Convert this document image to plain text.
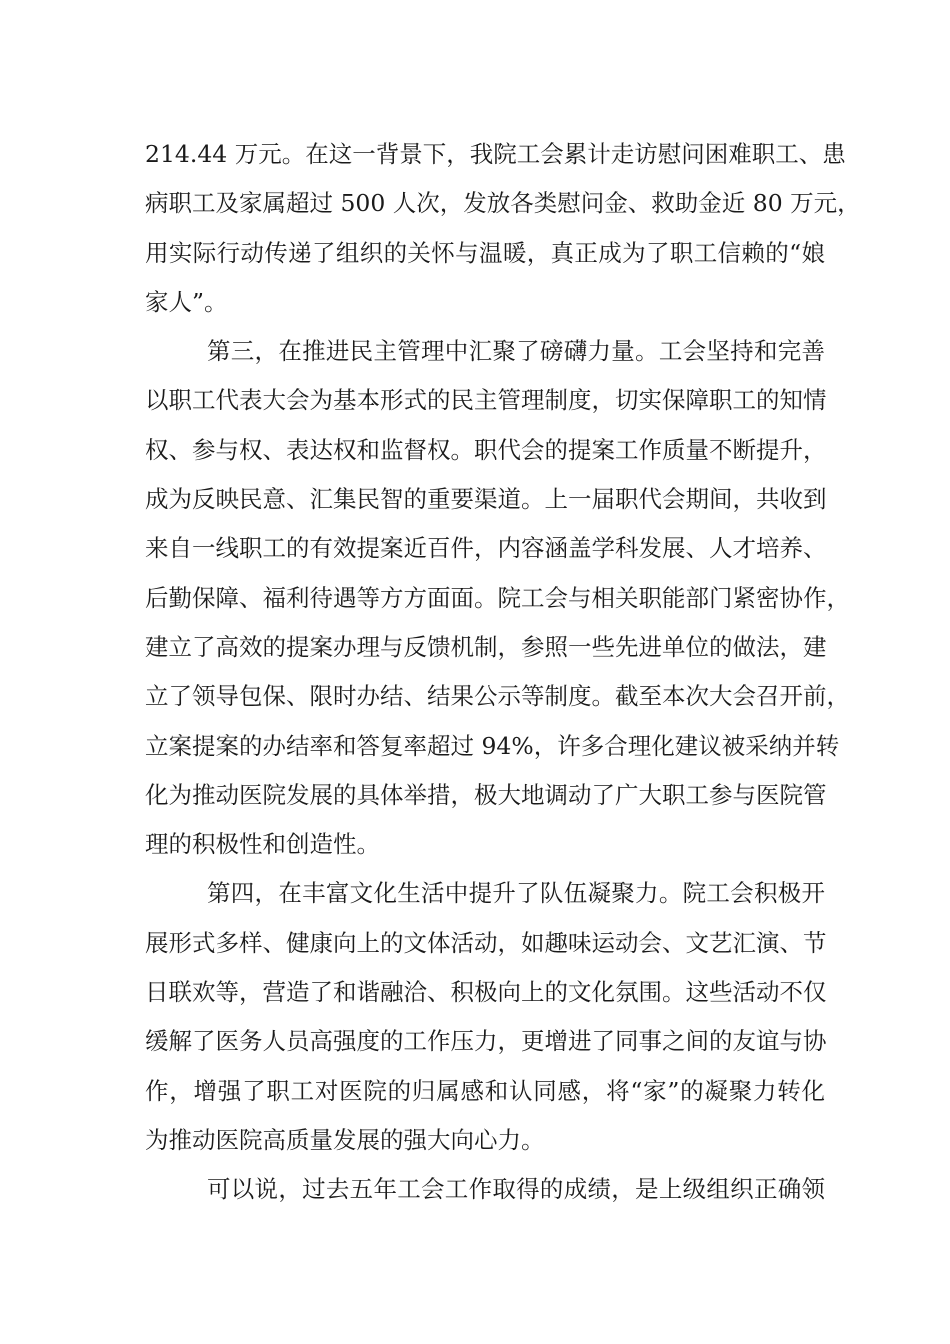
214.44 万元。在这一背景下，我院工会累计走访慰问困难职工、患
病职工及家属超过 500 人次，发放各类慰问金、救助金近 80 万元，
用实际行动传递了组织的关怀与温暖，真正成为了职工信赖的“娘
家人”。
第三，在推进民主管理中汇聚了磅礴力量。工会坚持和完善
以职工代表大会为基本形式的民主管理制度，切实保障职工的知情
权、参与权、表达权和监督权。职代会的提案工作质量不断提升，
成为反映民意、汇集民智的重要渠道。上一届职代会期间，共收到
来自一线职工的有效提案近百件，内容涵盖学科发展、人才培养、
后勤保障、福利待遇等方方面面。院工会与相关职能部门紧密协作，
建立了高效的提案办理与反馈机制，参照一些先进单位的做法，建
立了领导包保、限时办结、结果公示等制度。截至本次大会召开前，
立案提案的办结率和答复率超过 94%，许多合理化建议被采纳并转
化为推动医院发展的具体举措，极大地调动了广大职工参与医院管
理的积极性和创造性。
第四，在丰富文化生活中提升了队伍凝聚力。院工会积极开
展形式多样、健康向上的文体活动，如趣味运动会、文艺汇演、节
日联欢等，营造了和谐融洽、积极向上的文化氛围。这些活动不仅
缓解了医务人员高强度的工作压力，更增进了同事之间的友谊与协
作，增强了职工对医院的归属感和认同感，将“家”的凝聚力转化
为推动医院高质量发展的强大向心力。
可以说，过去五年工会工作取得的成绩，是上级组织正确领
